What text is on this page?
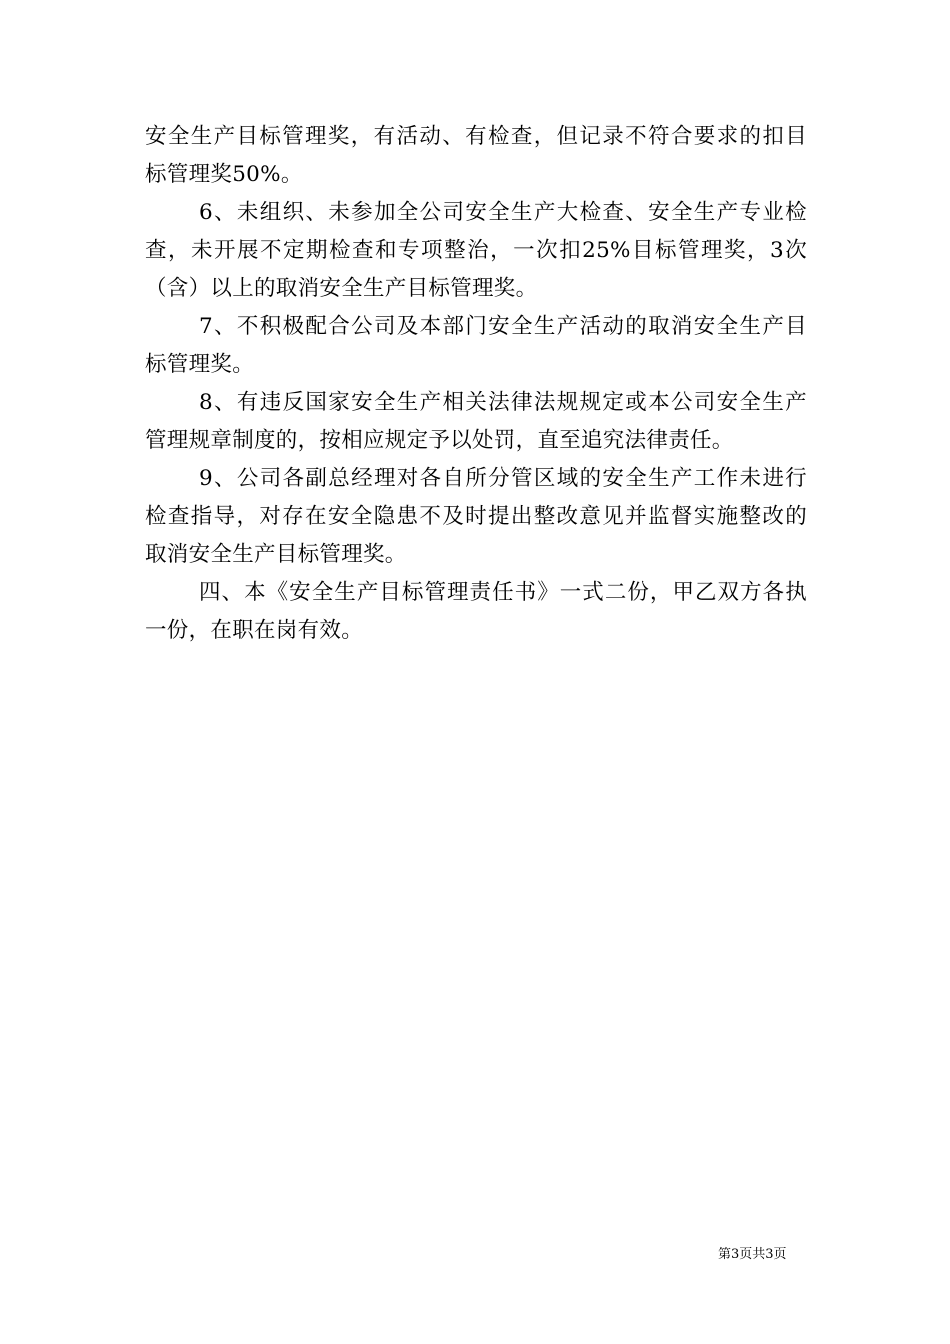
安全生产目标管理奖，有活动、有检查，但记录不符合要求的扣目
标管理奖50%。
6、未组织、未参加全公司安全生产大检查、安全生产专业检
查，未开展不定期检查和专项整治，一次扣25%目标管理奖，3次
（含）以上的取消安全生产目标管理奖。
7、不积极配合公司及本部门安全生产活动的取消安全生产目
标管理奖。
8、有违反国家安全生产相关法律法规规定或本公司安全生产
管理规章制度的，按相应规定予以处罚，直至追究法律责任。
9、公司各副总经理对各自所分管区域的安全生产工作未进行
检查指导，对存在安全隐患不及时提出整改意见并监督实施整改的
取消安全生产目标管理奖。
四、本《安全生产目标管理责任书》一式二份，甲乙双方各执
一份，在职在岗有效。
第3页共3页
